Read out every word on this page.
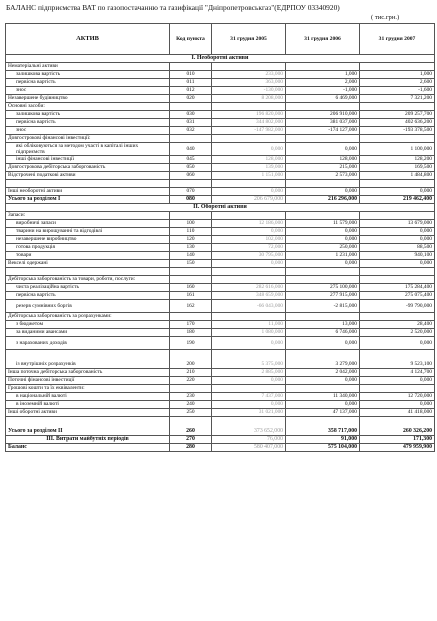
БАЛАНС підприємства ВАТ по газопостачанню та газифікації "Дніпропетровськгаз"(ЕДРПОУ 03340920)
( тис.грн.)
АКТИВ	Код пункта	31 грудня 2005	31 грудня 2006	31 грудня 2007
І. Необоротні активи				
Нематеріальні активи				
залишкова вартість	010	233,000	1,000	1,000
первісна вартість	011	363,000	2,000	2,600
знос	012	-130,000	-1,000	-1,600
Незавершене будівництво	020	8 208,000	6 469,000	7 321,200
Основні засоби:				
залишкова вартість	030	196 820,000	206 910,000	209 257,700
первісна вартість	031	344 802,000	381 037,000	402 636,200
знос	032	-147 982,000	-174 127,000	-193 378,500
Довгострокові фінансові інвестиції:				
які обліковуються за методом участі в капіталі інших підприємств	040	0,000	0,000	1 100,000
інші фінансові інвестиції	045	128,000	128,000	128,200
Довгострокова дебіторська заборгованість	050	139,000	215,000	169,500
Відстрочені податкові активи	060	1 151,000	2 573,000	1 484,800

Інші необоротні активи	070	0,000	0,000	0,000
Усього за розділом І	080	206 679,000	216 296,000	219 462,400
ІІ. Оборотні активи				
Запаси:				
виробничі запаси	100	12 186,000	11 579,000	13 679,000
тварини на вирощуванні та відгодівлі	110	0,000	0,000	0,000
незавершене виробництво	120	102,000	0,000	0,000
готова продукція	130	72,000	250,000	88,500
товари	140	30 795,000	1 231,000	940,100
Векселі одержані	150	0,000	0,000	0,000

Дебіторська заборгованість за товари, роботи, послуги:				
чиста реалізаційна вартість	160	282 616,000	275 100,000	175 284,400
первісна вартість	161	348 659,000	277 915,000	275 075,400
резерв сумнівних боргів	162	-66 043,000	-2 815,000	-99 790,000
Дебіторська заборгованість за розрахунками:				
з бюджетом	170	11,000	13,000	28,400
за виданими авансами	180	1 080,000	6 746,000	2 520,000
з нарахованих доходів	190	0,000	0,000	0,000
із внутрішніх розрахунків	200	5 375,000	3 279,000	9 523,100
Інша поточна дебіторська заборгованість	210	2 885,000	2 042,000	4 124,700
Поточні фінансові інвестиції	220	0,000	0,000	0,000
Грошові кошти та їх еквіваленти:				
в національній валюті	230	7 437,000	11 340,000	12 720,000
в іноземній валюті	240	0,000	0,000	0,000
Інші оборотні активи	250	31 021,000	47 137,000	41 418,000
Усього за розділом ІІ	260	373 652,000	358 717,000	260 326,200
ІІІ. Витрати майбутніх періодів	270	76,000	91,000	171,300
Баланс	280	580 407,000	575 104,000	479 959,900
